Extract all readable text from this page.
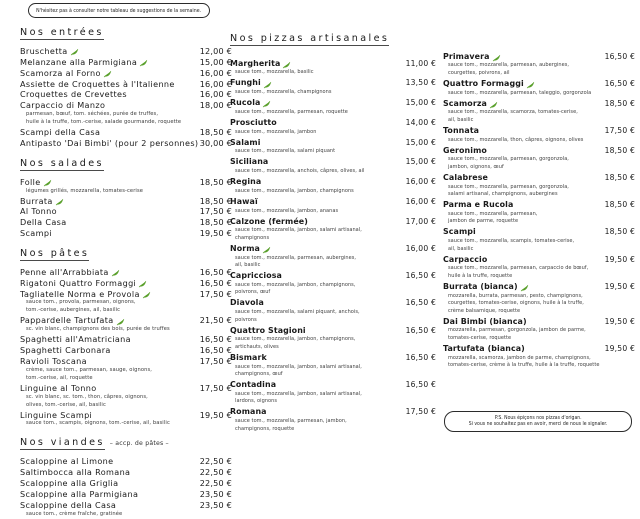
N'hésitez pas à consulter notre tableau de suggestions de la semaine.
P.S. Nous épiçons nos pizzas d'origan.
Si vous ne souhaitez pas en avoir, merci de nous le signaler.
Nos entrées
Bruschetta	12,00 €
Melanzane alla Parmigiana	15,00 €
Scamorza al Forno	16,00 €
Assiette de Croquettes à l'Italienne	16,00 €
Croquettes de Crevettes	16,00 €
Carpaccio di Manzo	18,00 €
parmesan, bœuf, tom. séchées, purée de truffes,
huile à la truffe, tom.-cerise, salade gourmande, roquette
Scampi della Casa	18,50 €
Antipasto 'Dai Bimbi' (pour 2 personnes) 30,00 €
Nos salades
Folle	18,50 €
légumes grillés, mozzarella, tomates-cerise
Burrata	18,50 €
Al Tonno	17,50 €
Della Casa	18,50 €
Scampi	19,50 €
Nos pâtes
Penne all'Arrabbiata	16,50 €
Rigatoni Quattro Formaggi	16,50 €
Tagliatelle Norma e Provola	17,50 €
sauce tom., provola, parmesan, oignons,
tom.-cerise, aubergines, ail, basilic
Pappardelle Tartufata	21,50 €
sc. vin blanc, champignons des bois, purée de truffes
Spaghetti all'Amatriciana	16,50 €
Spaghetti Carbonara	16,50 €
Ravioli Toscana	17,50 €
crème, sauce tom., parmesan, sauge, oignons,
tom.-cerise, ail, roquette
Linguine al Tonno	17,50 €
sc. vin blanc, sc. tom., thon, câpres, oignons,
olives, tom.-cerise, ail, basilic
Linguine Scampi	19,50 €
sauce tom., scampis, oignons, tom.-cerise, ail, basilic
Nos viandes – accp. de pâtes –
Scaloppine al Limone	22,50 €
Saltimbocca alla Romana	22,50 €
Scaloppine alla Griglia	22,50 €
Scaloppine alla Parmigiana	23,50 €
Scaloppine della Casa	23,50 €
sauce tom., crème fraîche, gratinée
Nos pizzas artisanales
Margherita	11,00 €
sauce tom., mozzarella, basilic
Funghi	13,50 €
sauce tom., mozzarella, champignons
Rucola	15,00 €
sauce tom., mozzarella, parmesan, roquette
Prosciutto	14,00 €
sauce tom., mozzarella, jambon
Salami	15,00 €
sauce tom., mozzarella, salami piquant
Siciliana	15,00 €
sauce tom., mozzarella, anchois, câpres, olives, ail
Regina	16,00 €
sauce tom., mozzarella, jambon, champignons
Hawaï	16,00 €
sauce tom., mozzarella, jambon, ananas
Calzone (fermée)	17,00 €
sauce tom., mozzarella, jambon, salami artisanal,
champignons
Norma	16,00 €
sauce tom., mozzarella, parmesan, aubergines,
ail, basilic
Capricciosa	16,50 €
sauce tom., mozzarella, jambon, champignons,
poivrons, œuf
Diavola	16,50 €
sauce tom., mozzarella, salami piquant, anchois,
poivrons
Quattro Stagioni	16,50 €
sauce tom., mozzarella, jambon, champignons,
artichauts, olives
Bismark	16,50 €
sauce tom., mozzarella, jambon, salami artisanal,
champignons, œuf
Contadina	16,50 €
sauce tom., mozzarella, jambon, salami artisanal,
lardons, oignons
Romana	17,50 €
sauce tom., mozzarella, parmesan, jambon,
champignons, roquette
Primavera	16,50 €
sauce tom., mozzarella, parmesan, aubergines,
courgettes, poivrons, ail
Quattro Formaggi	16,50 €
sauce tom., mozzarella, parmesan, taleggio, gorgonzola
Scamorza	18,50 €
sauce tom., mozzarella, scamorza, tomates-cerise,
ail, basilic
Tonnata	17,50 €
sauce tom., mozzarella, thon, câpres, oignons, olives
Geronimo	18,50 €
sauce tom., mozzarella, parmesan, gorgonzola,
jambon, oignons, œuf
Calabrese	18,50 €
sauce tom., mozzarella, parmesan, gorgonzola,
salami artisanal, champignons, aubergines
Parma e Rucola	18,50 €
sauce tom., mozzarella, parmesan,
jambon de parme, roquette
Scampi	18,50 €
sauce tom., mozzarella, scampis, tomates-cerise,
ail, basilic
Carpaccio	19,50 €
sauce tom., mozzarella, parmesan, carpaccio de bœuf,
huile à la truffe, roquette
Burrata (bianca)	19,50 €
mozzarella, burrata, parmesan, pesto, champignons,
courgettes, tomates-cerise, oignons, huile à la truffe,
crème balsamique, roquette
Dai Bimbi (bianca)	19,50 €
mozzarella, parmesan, gorgonzola, jambon de parme,
tomates-cerise, roquette
Tartufata (bianca)	19,50 €
mozzarella, scamorza, jambon de parme, champignons,
tomates-cerise, crème à la truffe, huile à la truffe, roquette
